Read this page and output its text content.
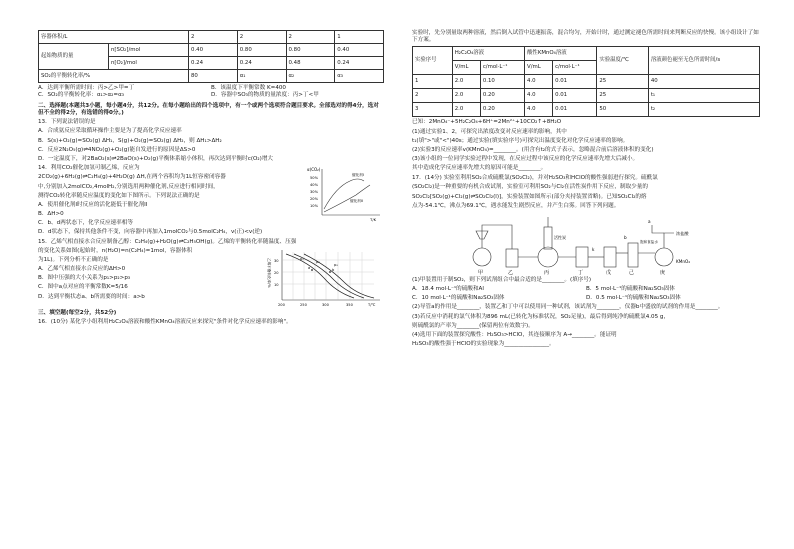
容器体积/L		2	2	2	1
起始物质的量	n[SO₂]/mol	0.40	0.80	0.80	0.40
	n[O₂]/mol	0.24	0.24	0.48	0.24
SO₂的平衡转化率/%		80	α₁	α₂	α₃
A．达到平衡所需时间：丙>乙>甲=丁	B．该温度下平衡常数 K=400
C．SO₂的平衡转化率：α₁>α₂=α₃	D．容器中SO₃的物质的量浓度：丙>丁<甲
二、选择题(本题共3小题，每小题4分，共12分。在每小题给出的四个选项中，有一个或两个选项符合题目要求。全部选对的得4分，选对但不全的得2分，有选错的得0分。)
13．下列说法错误的是
A．合成氨反应采取循环操作主要是为了提高化学反应速率
B．S(s)+O₂(g)=SO₂(g) ΔH₁，S(g)+O₂(g)=SO₂(g) ΔH₂，则 ΔH₁>ΔH₂
C．反应2N₂O₅(g)⇌4NO₂(g)+O₂(g)能自发进行的原因是ΔS>0
D．一定温度下，对2BaO₂(s)⇌2BaO(s)+O₂(g)平衡体系缩小体积，再次达到平衡时c(O₂)增大
α(CO₂)
50%
40%
30%
20%
10%
T/K
催化剂I
催化剂II
14．利用CO₂催化加氢可制乙烯，反应为
2CO₂(g)+6H₂(g)⇌C₂H₄(g)+4H₂O(g) ΔH,在两个容积均为1L恒容密闭容器
中,分别加入2molCO₂,4molH₂,分别选用两种催化剂,反应进行相同时间，
测得CO₂转化率随反应温度的变化如下图所示。下列说法正确的是
A．使用催化剂I时反应的活化能低于催化剂II
B．ΔH>0
C．b、d两状态下，化学反应速率相等
D．d状态下，保持其他条件不变，向容器中再加入1molCO₂与0.5molC₂H₄，v(正)<v(逆)
15．乙烯气相直接水合反应制备乙醇：C₂H₄(g)+H₂O(g)⇌C₂H₅OH(g)。乙烯的平衡转化率随温度、压强
乙烯平衡转化率/% 30
20
10
200	250	300	350	T/℃
p₁
p₂
p₃
a	b
的变化关系如图(起始时，n(H₂O)=n(C₂H₄)=1mol，容器体积
为1L)。下列分析不正确的是
A．乙烯气相直接水合反应的ΔH>0
B．图中压强的大小关系为p₁>p₂>p₃
C．图中a点对应的平衡常数K=5/16
D．达到平衡状态a、b所需要的时间：a>b
三、填空题(每空2分，共52分)
16．(10分) 某化学小组利用H₂C₂O₄溶液和酸性KMnO₄溶液反应来探究"条件对化学反应速率的影响"。
实验时，先分别量取两种溶液，然后倒入试管中迅速振荡，混合均匀，开始计时，通过测定褪色所需时间来判断反应的快慢。该小组设计了如下方案。
实验序号	H₂C₂O₄溶液		酸性KMnO₄溶液		实验温度/℃	溶液颜色褪至无色所需时间/s
	V/mL	c/mol·L⁻¹	V/mL	c/mol·L⁻¹		
1	2.0	0.10	4.0	0.01	25	40
2	2.0	0.20	4.0	0.01	25	t₁
3	2.0	0.20	4.0	0.01	50	t₂
已知：2MnO₄⁻+5H₂C₂O₄+6H⁺=2Mn²⁺+10CO₂↑+8H₂O
(1)通过实验1、2，可探究出浓度改变对反应速率的影响，其中
t₁(填">"或"<")40s；通过实验(填实验序号)可探究出温度变化对化学反应速率的影响。
(2)实验3的反应速率v(KMnO₄)=________。(用含有t₂的式子表示，忽略混合前后溶液体积的变化)
(3)该小组的一位同学实验过程中发现，在反应过程中该反应的化学反应速率先增大后减小。
其中造成化学反应速率先增大的原因可能是________。
17．(14分) 实验室利用SO₂合成硫酰氯(SO₂Cl₂)，并对H₂SO₃和HClO的酸性强弱进行探究。硫酰氯
(SO₂Cl₂)是一种重要的有机合成试剂，实验室可利用SO₂与Cl₂在活性炭作用下反应，制取少量的
SO₂Cl₂[SO₂(g)+Cl₂(g)⇌SO₂Cl₂(l)]，实验装置如图所示(部分夹持装置省略)。已知SO₂Cl₂的熔
点为-54.1℃，沸点为69.1℃，遇水能发生剧烈反应，并产生白雾。回答下列问题。
甲	乙	丙	丁	戊	己	庚
活性炭
k
a
b
浓盐酸
饱和食盐水
KMnO₄
(1)甲装置用于制SO₂，则下列试剂组合中最合适的是________。(填序号)
A．18.4 mol·L⁻¹的硫酸和Al	B．5 mol·L⁻¹的硫酸和Na₂SO₃固体
C．10 mol·L⁻¹的硫酸和Na₂SO₃固体	D．0.5 mol·L⁻¹的硫酸和Na₂SO₃固体
(2)导管a的作用是________，装置乙和丁中可以使用同一种试剂，该试剂为________，仪器b中盛放的试剂的作用是________。
(3)若反应中消耗的氯气体积为896 mL(已转化为标准状况，SO₂足量)，最后得到纯净的硫酰氯4.05 g，
则硫酰氯的产率为________(保留两位有效数字)。
(4)选用下面的装置探究酸性：H₂SO₃>HClO，其连接顺序为 A→________。能证明
H₂SO₃的酸性强于HClO的实验现象为________________。
